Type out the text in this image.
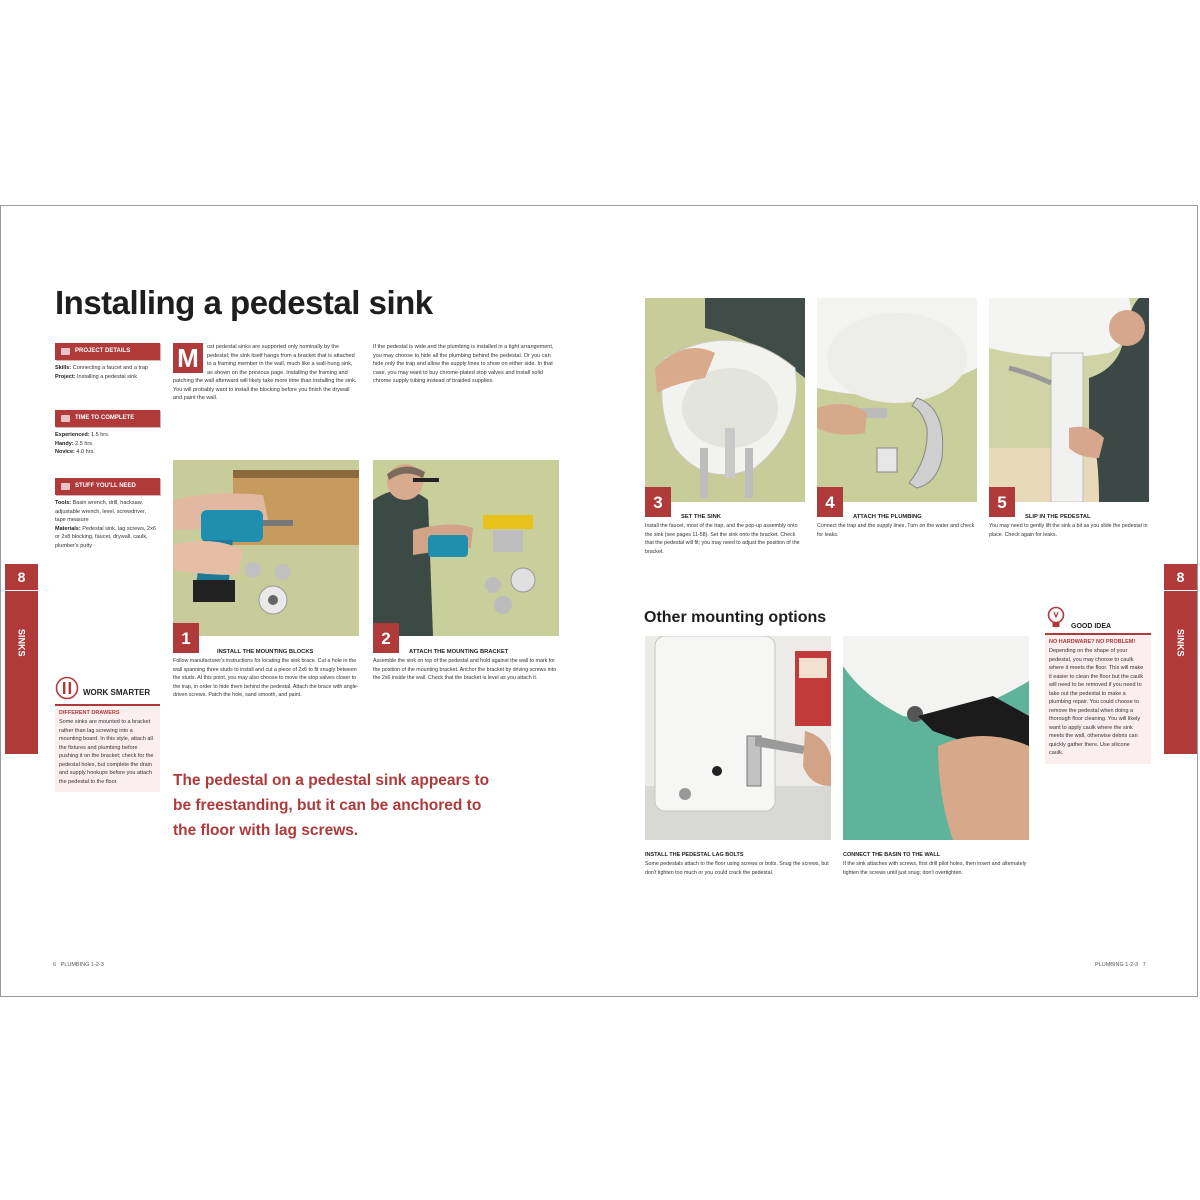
Installing a pedestal sink
PROJECT DETAILS
Skills: Connecting a faucet and a trap
Project: Installing a pedestal sink
TIME TO COMPLETE
Experienced: 1.5 hrs.
Handy: 2.5 hrs.
Novice: 4.0 hrs.
STUFF YOU'LL NEED
Tools: Basin wrench, drill, hacksaw, adjustable wrench, level, screwdriver, tape measure
Materials: Pedestal sink, lag screws, 2x6 or 2x8 blocking, faucet, drywall, caulk, plumber's putty
WORK SMARTER
DIFFERENT DRAWERS
Some sinks are mounted to a bracket rather than lag screwing into a mounting board. In this style, attach all the fixtures and plumbing before pushing it on the bracket; check for the pedestal holes, but complete the drain and supply hookups before you attach the pedestal to the floor.
M	ost pedestal sinks are supported only nominally by the pedestal; the sink itself hangs from a bracket that is attached to a framing member in the wall, much like a wall-hung sink, as shown on the previous page. Installing the framing and patching the wall afterward will likely take more time than installing the sink. You will probably want to install the blocking before you finish the drywall and paint the wall.
If the pedestal is wide and the plumbing is installed in a tight arrangement, you may choose to hide all the plumbing behind the pedestal. Or you can hide only the trap and allow the supply lines to show on either side. In that case, you may want to buy chrome-plated stop valves and install solid chrome supply tubing instead of braided supplies.
1
INSTALL THE MOUNTING BLOCKS
Follow manufacturer's instructions for locating the sink brace. Cut a hole in the wall spanning three studs to install and cut a piece of 2x6 to fit snugly between the studs. At this point, you may also choose to move the stop valves closer to the trap, in order to hide them behind the pedestal. Attach the brace with angle-driven screws. Patch the hole, sand smooth, and paint.
2
ATTACH THE MOUNTING BRACKET
Assemble the sink on top of the pedestal and hold against the wall to mark for the position of the mounting bracket. Anchor the bracket by driving screws into the 2x6 inside the wall. Check that the bracket is level as you attach it.
The pedestal on a pedestal sink appears to be freestanding, but it can be anchored to the floor with lag screws.
8
SINKS
6 PLUMBING 1-2-3
3
SET THE SINK
Install the faucet, most of the trap, and the pop-up assembly onto the sink (see pages 11-58). Set the sink onto the bracket. Check that the pedestal will fit; you may need to adjust the position of the bracket.
4
ATTACH THE PLUMBING
Connect the trap and the supply lines. Turn on the water and check for leaks.
5
SLIP IN THE PEDESTAL
You may need to gently lift the sink a bit as you slide the pedestal in place. Check again for leaks.
Other mounting options
INSTALL THE PEDESTAL LAG BOLTS
Some pedestals attach to the floor using screws or bolts. Snug the screws, but don't tighten too much or you could crack the pedestal.
CONNECT THE BASIN TO THE WALL
If the sink attaches with screws, first drill pilot holes, then insert and alternately tighten the screws until just snug; don't overtighten.
GOOD IDEA
NO HARDWARE? NO PROBLEM!
Depending on the shape of your pedestal, you may choose to caulk where it meets the floor. This will make it easier to clean the floor but the caulk will need to be removed if you need to take out the pedestal to make a plumbing repair. You could choose to remove the pedestal when doing a thorough floor cleaning. You will likely want to apply caulk where the sink meets the wall, otherwise debris can quickly gather there. Use silicone caulk.
8
SINKS
PLUMBING 1-2-3 7
